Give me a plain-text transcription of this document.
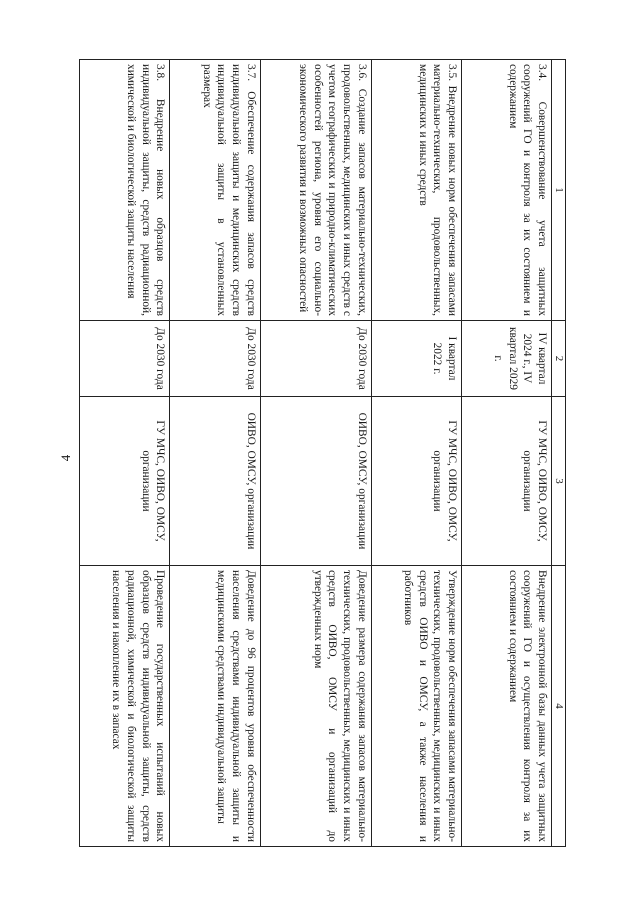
4
1	2	3	4
3.4. Совершенствование учета защитных сооружений ГО и контроля за их состоянием и содержанием	IV квартал 2024 г., IV квартал 2029 г.	ГУ МЧС, ОИВО, ОМСУ, организации	Внедрение электронной базы данных учета защитных сооружений ГО и осуществления контроля за их состоянием и содержанием
3.5. Внедрение новых норм обеспечения запасами материально-технических, продовольственных, медицинских и иных средств	I квартал 2022 г.	ГУ МЧС, ОИВО, ОМСУ, организации	Утверждение норм обеспечения запасами материально-технических, продовольственных, медицинских и иных средств ОИВО и ОМСУ, а также населения и работников
3.6. Создание запасов материально-технических, продовольственных, медицинских и иных средств с учетом географических и природно-климатических особенностей региона, уровня его социально-экономического развития и возможных опасностей	До 2030 года	ОИВО, ОМСУ, организации	Доведение размера содержания запасов материально-технических, продовольственных, медицинских и иных средств ОИВО, ОМСУ и организаций до утвержденных норм
3.7. Обеспечение содержания запасов средств индивидуальной защиты и медицинских средств индивидуальной защиты в установленных размерах	До 2030 года	ОИВО, ОМСУ, организации	Доведение до 96 процентов уровня обеспеченности населения средствами индивидуальной защиты и медицинскими средствами индивидуальной защиты
3.8. Внедрение новых образцов средств индивидуальной защиты, средств радиационной, химической и биологической защиты населения	До 2030 года	ГУ МЧС, ОИВО, ОМСУ, организации	Проведение государственных испытаний новых образцов средств индивидуальной защиты, средств радиационной, химической и биологической защиты населения и накопление их в запасах
